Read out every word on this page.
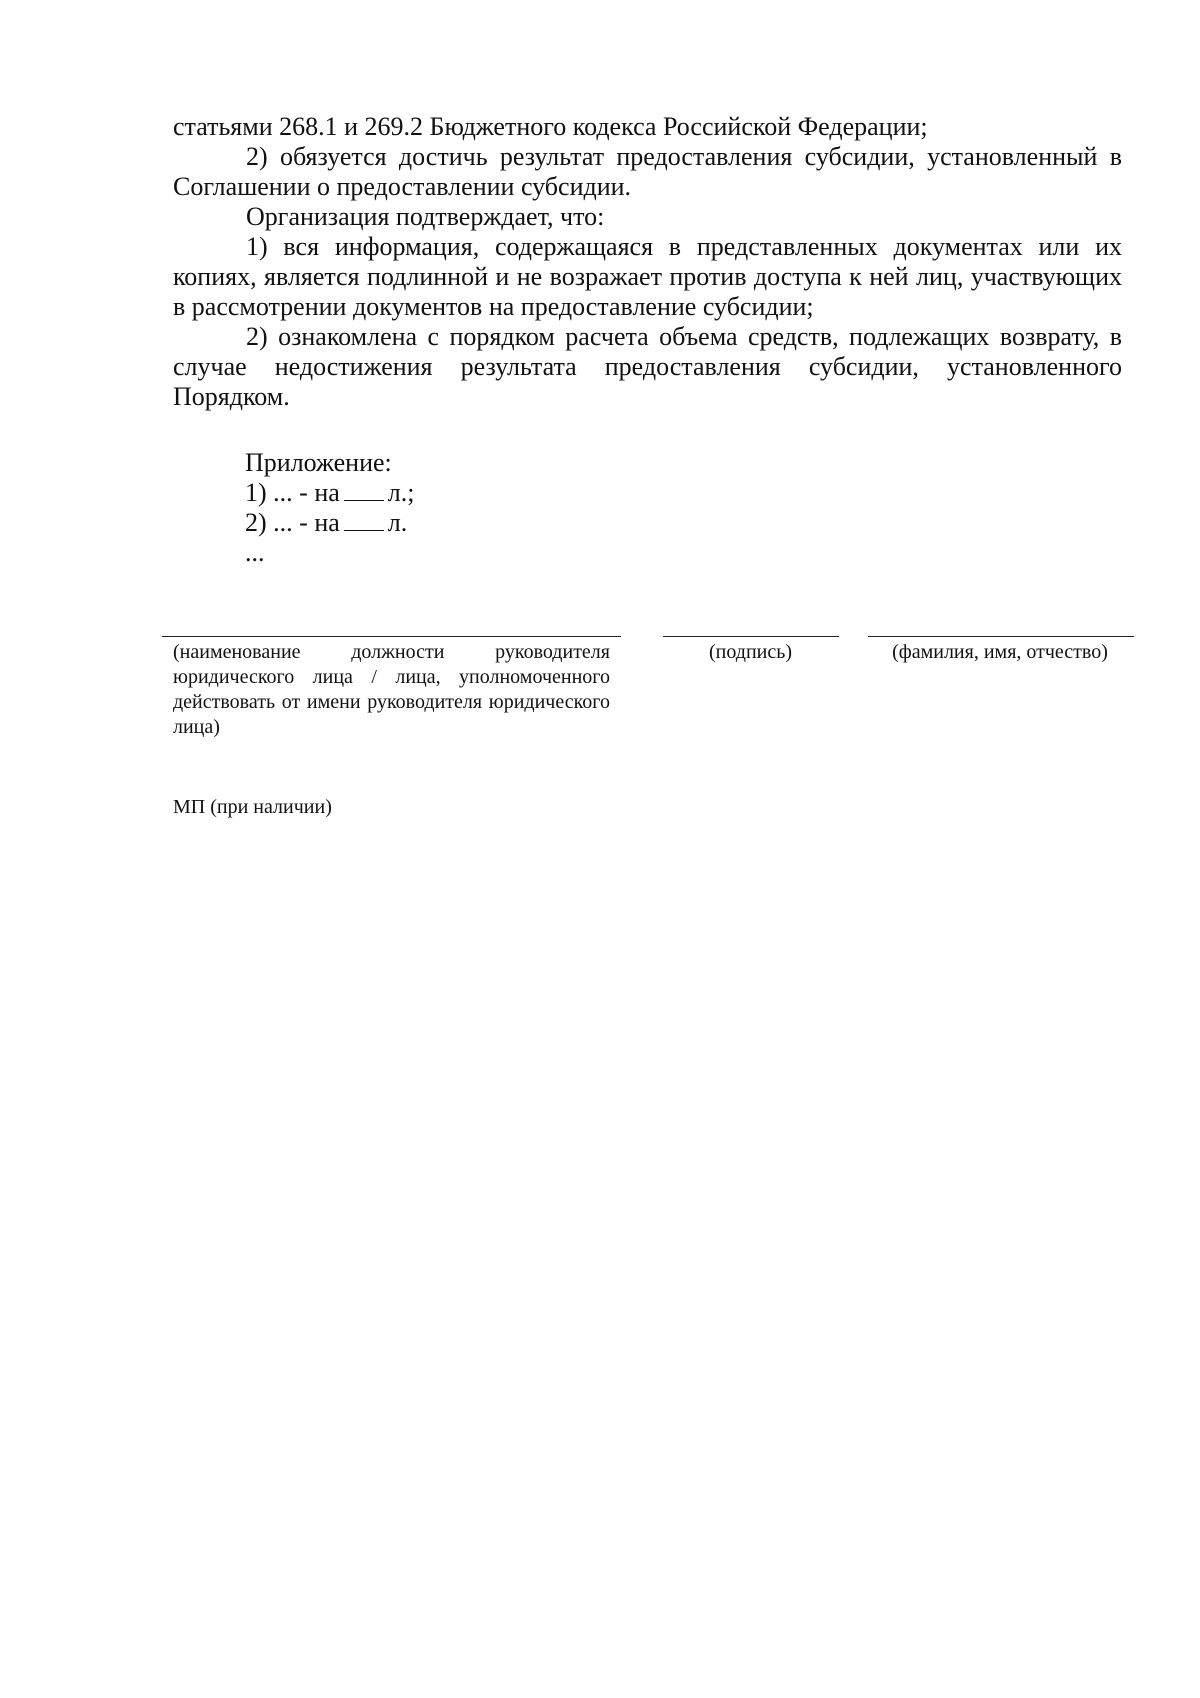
статьями 268.1 и 269.2 Бюджетного кодекса Российской Федерации;

2) обязуется достичь результат предоставления субсидии, установленный в Соглашении о предоставлении субсидии.

Организация подтверждает, что:

1) вся информация, содержащаяся в представленных документах или их копиях, является подлинной и не возражает против доступа к ней лиц, участвующих в рассмотрении документов на предоставление субсидии;

2) ознакомлена с порядком расчета объема средств, подлежащих возврату, в случае недостижения результата предоставления субсидии, установленного Порядком.

Приложение:
1) ... - на л.;
2) ... - на л.
...
(наименование должности руководителя юридического лица / лица, уполномоченного действовать от имени руководителя юридического лица)
(подпись)	(фамилия, имя, отчество)
МП (при наличии)
